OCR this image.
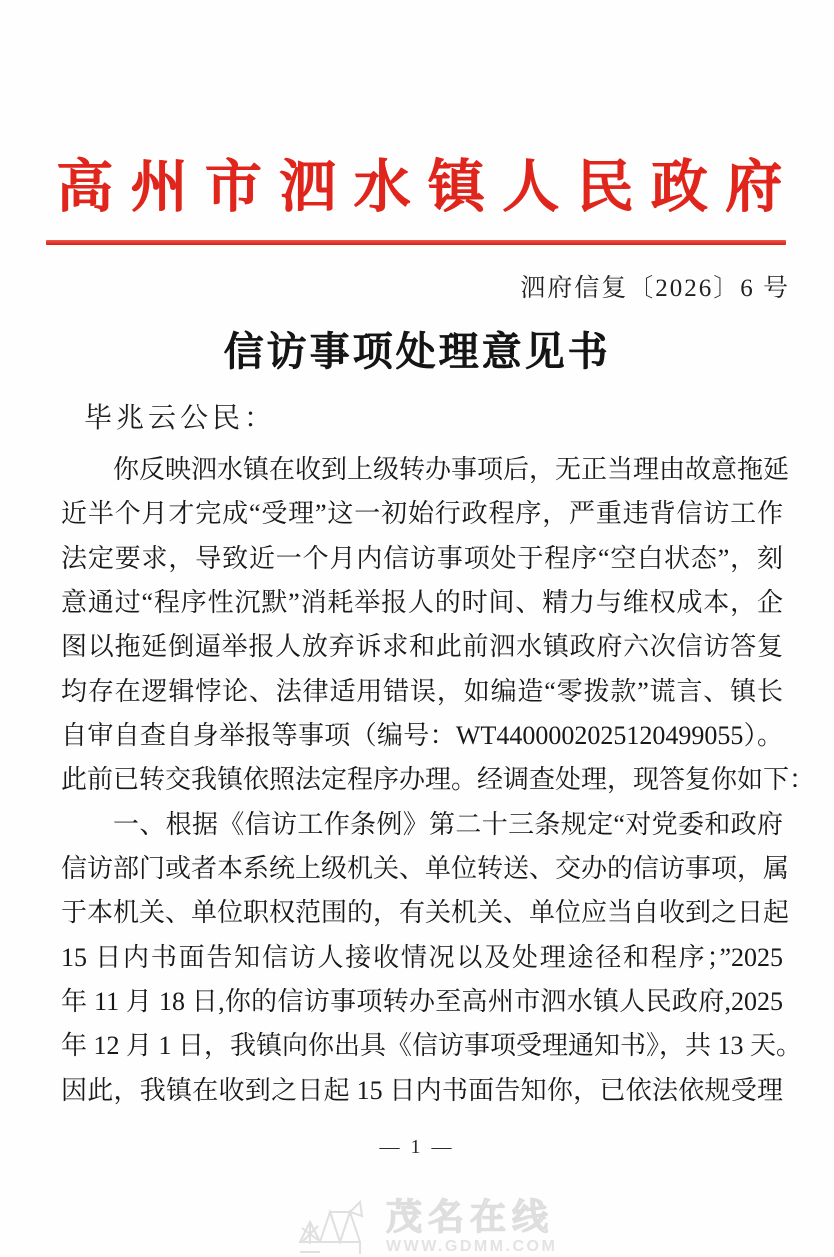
高州市泗水镇人民政府
泗府信复〔2026〕6 号
信访事项处理意见书
毕兆云公民：
你反映泗水镇在收到上级转办事项后，无正当理由故意拖延
近半个月才完成“受理”这一初始行政程序，严重违背信访工作
法定要求，导致近一个月内信访事项处于程序“空白状态”，刻
意通过“程序性沉默”消耗举报人的时间、精力与维权成本，企
图以拖延倒逼举报人放弃诉求和此前泗水镇政府六次信访答复
均存在逻辑悖论、法律适用错误，如编造“零拨款”谎言、镇长
自审自查自身举报等事项（编号：WT4400002025120499055）。
此前已转交我镇依照法定程序办理。经调查处理，现答复你如下：
一、根据《信访工作条例》第二十三条规定“对党委和政府
信访部门或者本系统上级机关、单位转送、交办的信访事项，属
于本机关、单位职权范围的，有关机关、单位应当自收到之日起
15 日内书面告知信访人接收情况以及处理途径和程序；”2025
年 11 月 18 日,你的信访事项转办至高州市泗水镇人民政府,2025
年 12 月 1 日，我镇向你出具《信访事项受理通知书》，共 13 天。
因此，我镇在收到之日起 15 日内书面告知你，已依法依规受理
— 1 —
茂名在线
WWW.GDMM.COM
